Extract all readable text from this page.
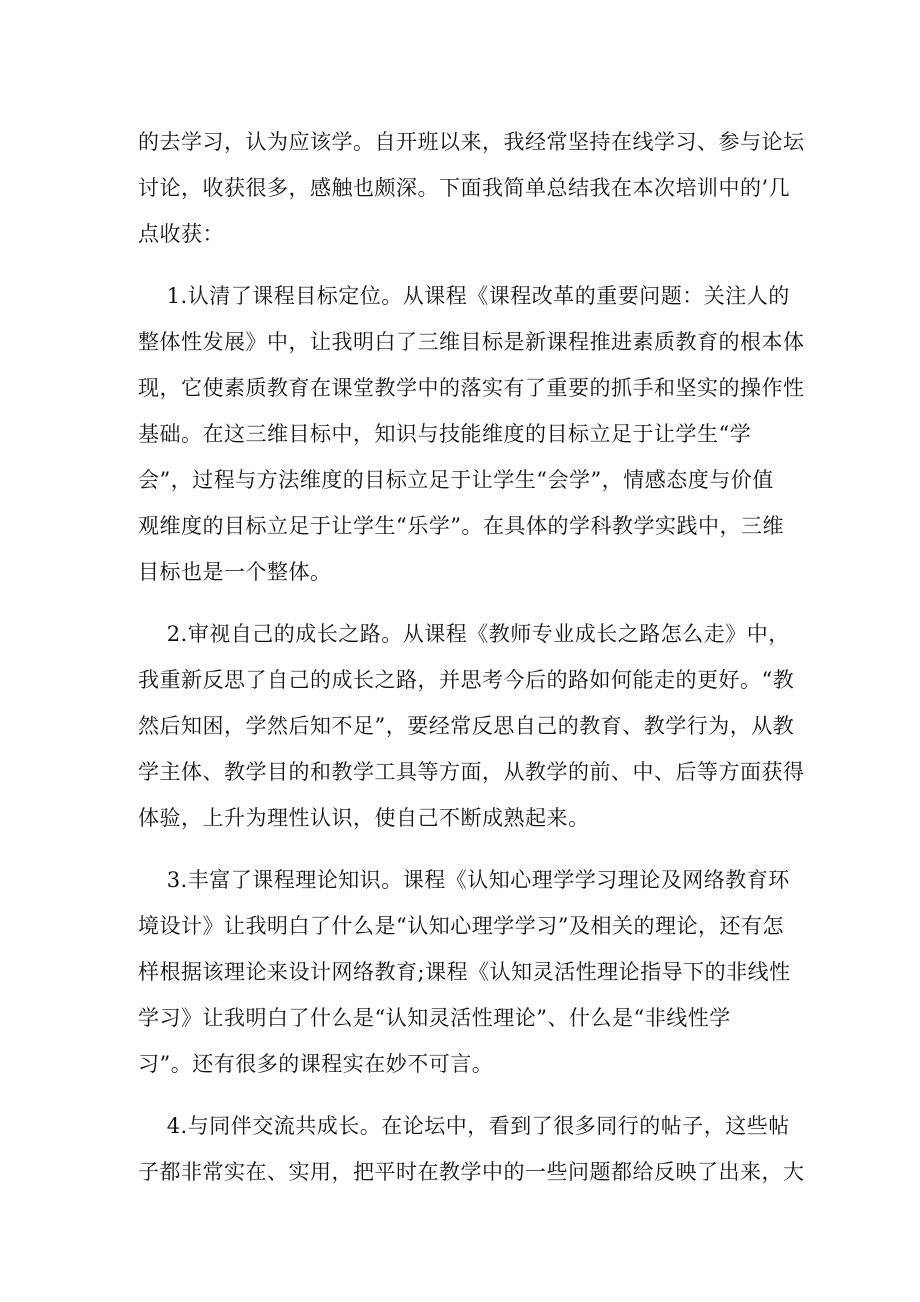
的去学习，认为应该学。自开班以来，我经常坚持在线学习、参与论坛
讨论，收获很多，感触也颇深。下面我简单总结我在本次培训中的’几
点收获：
1.认清了课程目标定位。从课程《课程改革的重要问题：关注人的
整体性发展》中，让我明白了三维目标是新课程推进素质教育的根本体
现，它使素质教育在课堂教学中的落实有了重要的抓手和坚实的操作性
基础。在这三维目标中，知识与技能维度的目标立足于让学生“学
会”，过程与方法维度的目标立足于让学生“会学”，情感态度与价值
观维度的目标立足于让学生“乐学”。在具体的学科教学实践中，三维
目标也是一个整体。
2.审视自己的成长之路。从课程《教师专业成长之路怎么走》中，
我重新反思了自己的成长之路，并思考今后的路如何能走的更好。“教
然后知困，学然后知不足”，要经常反思自己的教育、教学行为，从教
学主体、教学目的和教学工具等方面，从教学的前、中、后等方面获得
体验，上升为理性认识，使自己不断成熟起来。
3.丰富了课程理论知识。课程《认知心理学学习理论及网络教育环
境设计》让我明白了什么是“认知心理学学习”及相关的理论，还有怎
样根据该理论来设计网络教育;课程《认知灵活性理论指导下的非线性
学习》让我明白了什么是“认知灵活性理论”、什么是“非线性学
习”。还有很多的课程实在妙不可言。
4.与同伴交流共成长。在论坛中，看到了很多同行的帖子，这些帖
子都非常实在、实用，把平时在教学中的一些问题都给反映了出来，大
